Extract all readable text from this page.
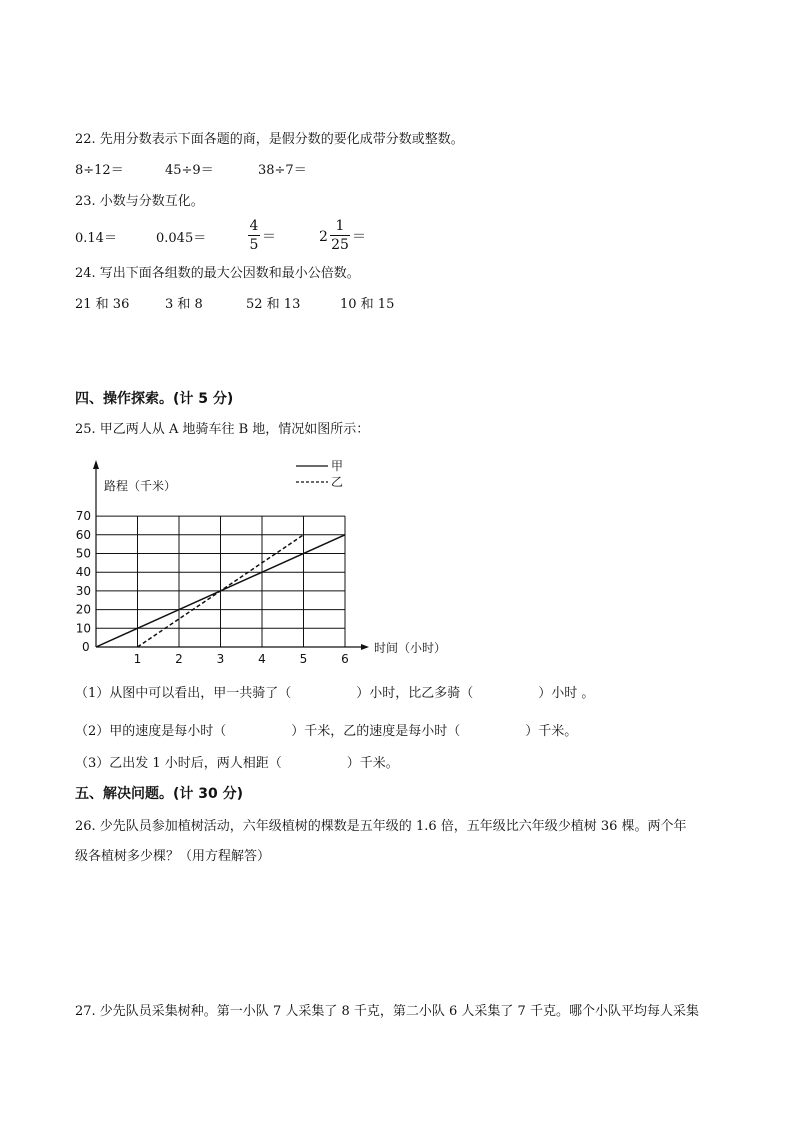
22. 先用分数表示下面各题的商，是假分数的要化成带分数或整数。
8÷12＝	45÷9＝	38÷7＝
23. 小数与分数互化。
0.14＝	0.045＝
4
5 ＝	2
1
25 ＝
24. 写出下面各组数的最大公因数和最小公倍数。
21 和 36	3 和 8	52 和 13	10 和 15
四、操作探索。(计 5 分)
25. 甲乙两人从 A 地骑车往 B 地，情况如图所示：
0
1	2	3	4	5	6
10
20
30
40
50
60
70
甲
乙
路程（千米）
时间（小时）
（1）从图中可以看出，甲一共骑了（　　　　　）小时，比乙多骑（　　　　　）小时 。
（2）甲的速度是每小时（　　　　　）千米，乙的速度是每小时（　　　　　）千米。
（3）乙出发 1 小时后，两人相距（　　　　　）千米。
五、解决问题。(计 30 分)
26. 少先队员参加植树活动，六年级植树的棵数是五年级的 1.6 倍，五年级比六年级少植树 36 棵。两个年
级各植树多少棵？（用方程解答）
27. 少先队员采集树种。第一小队 7 人采集了 8 千克，第二小队 6 人采集了 7 千克。哪个小队平均每人采集
